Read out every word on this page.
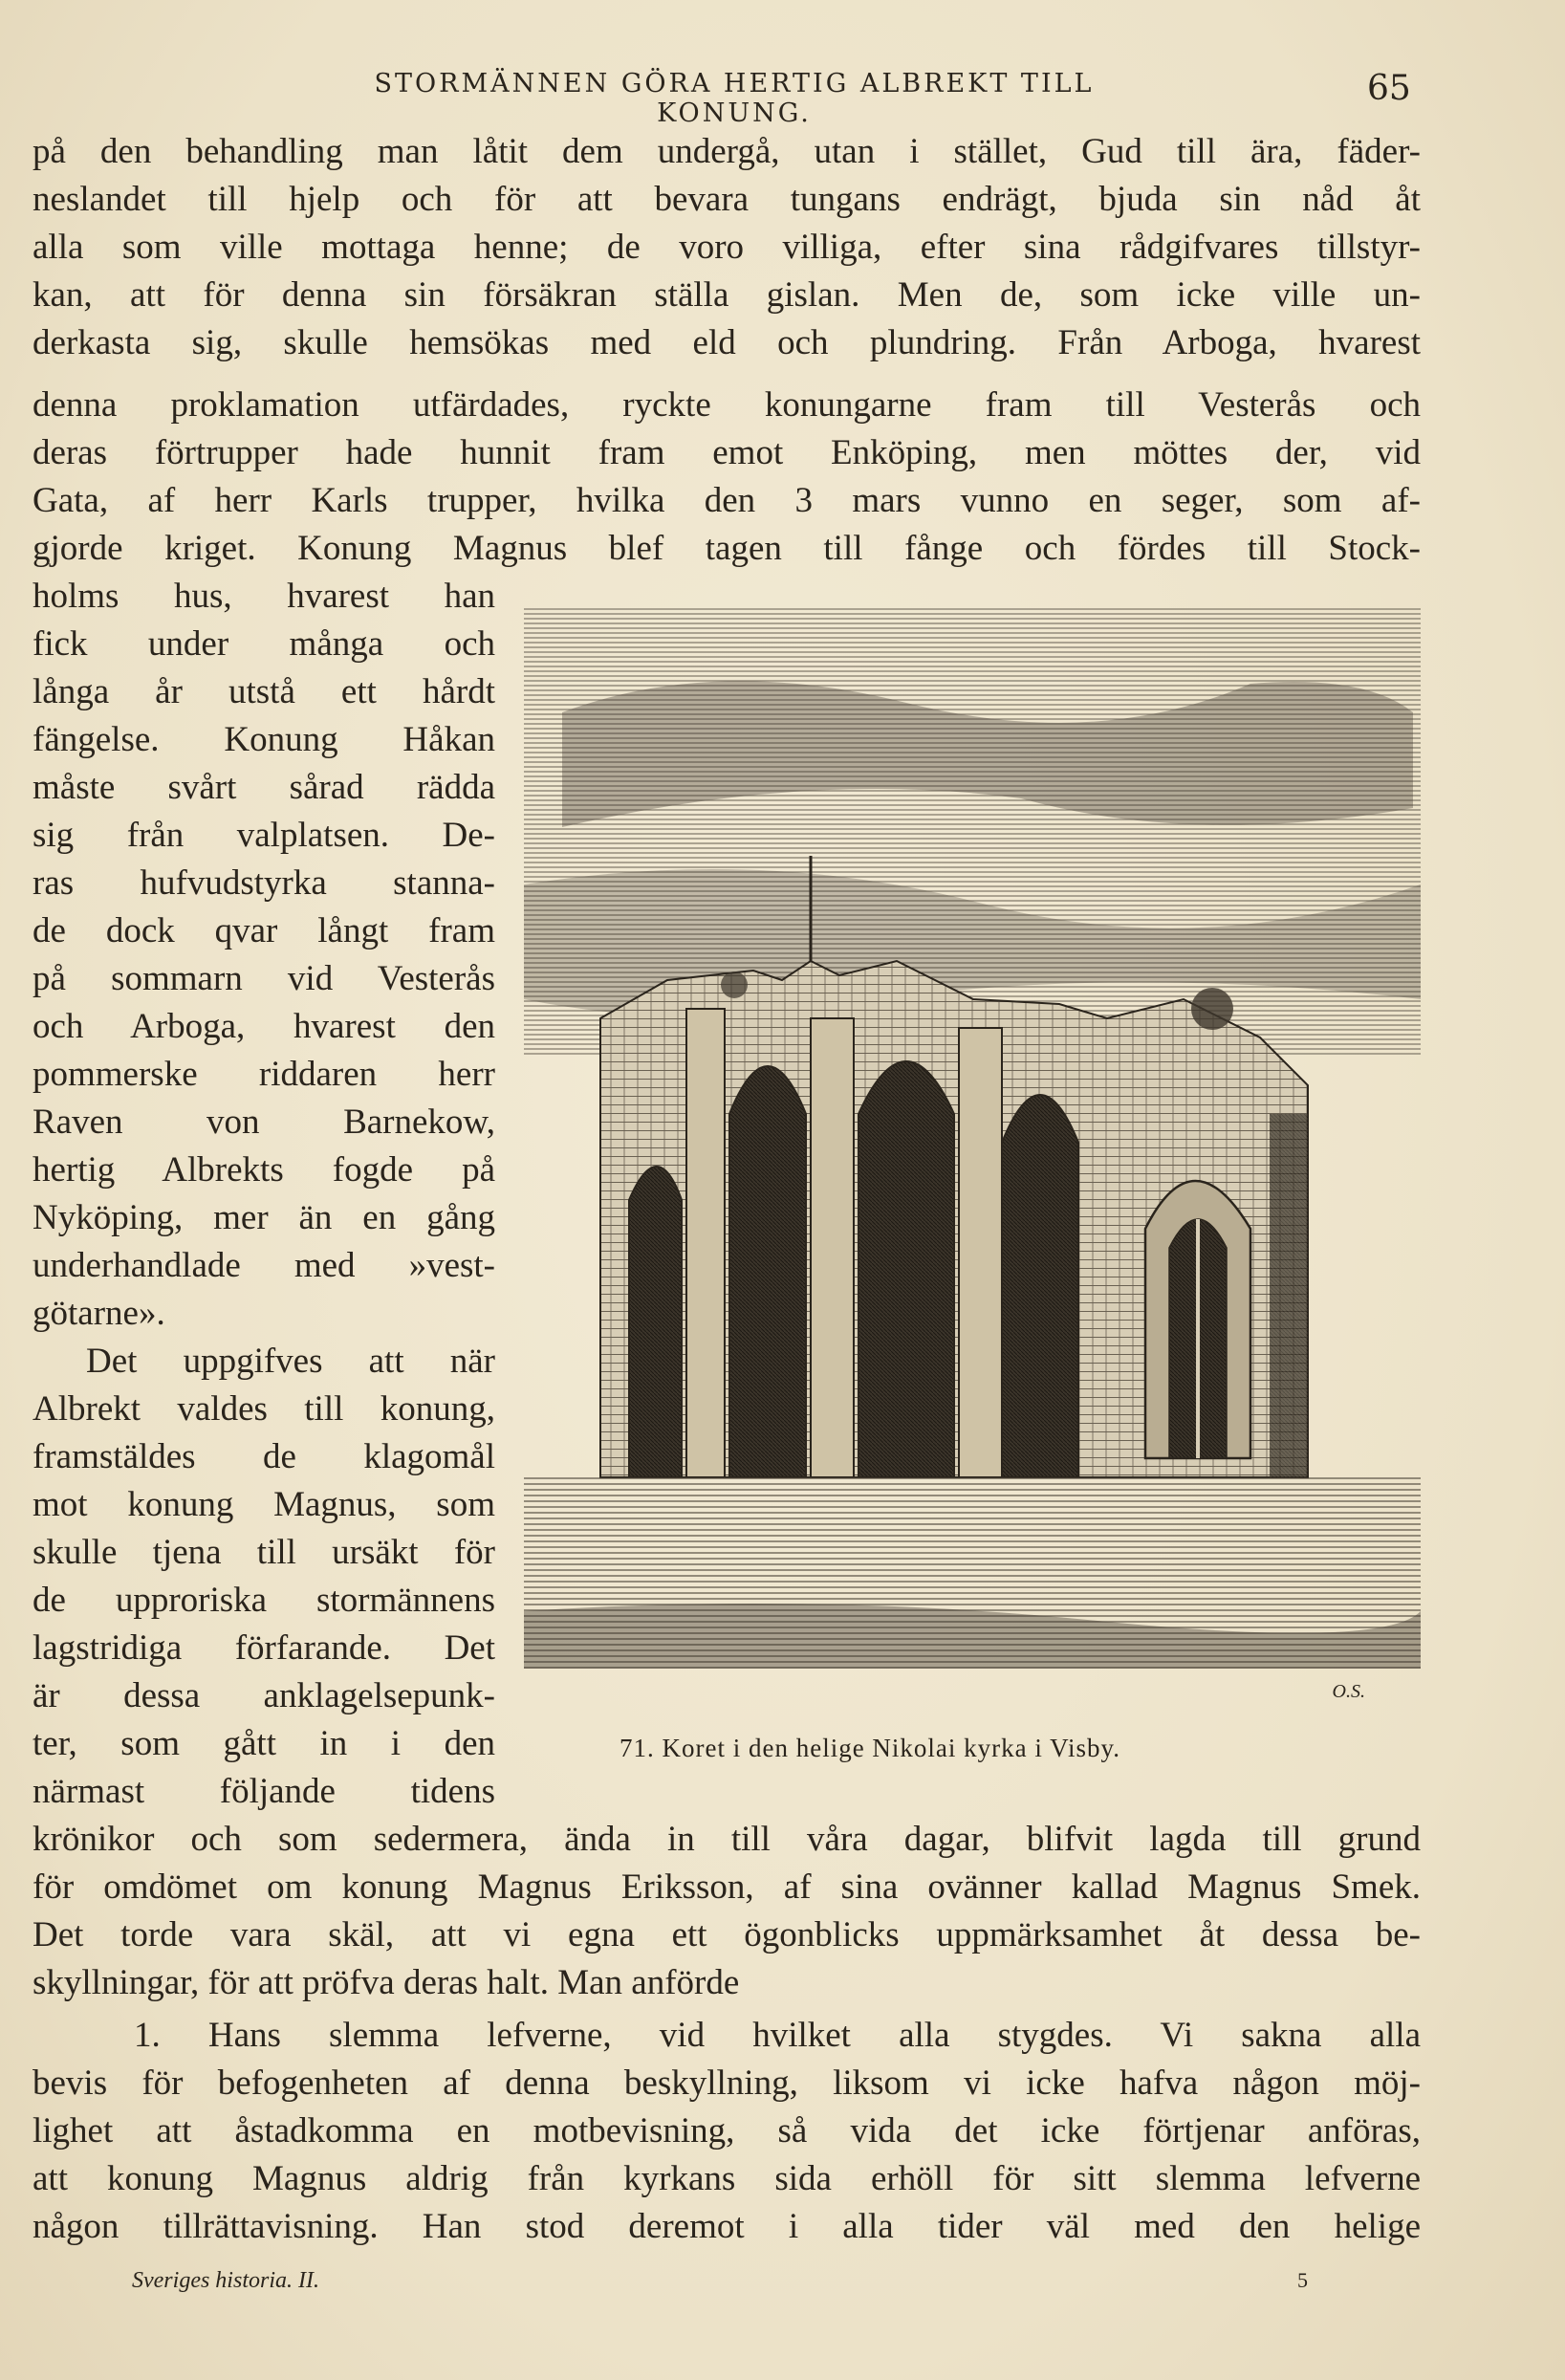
STORMÄNNEN GÖRA HERTIG ALBREKT TILL KONUNG.
65
på den behandling man låtit dem undergå, utan i stället, Gud till ära, fäder-
neslandet till hjelp och för att bevara tungans endrägt, bjuda sin nåd åt
alla som ville mottaga henne; de voro villiga, efter sina rådgifvares tillstyr-
kan, att för denna sin försäkran ställa gislan. Men de, som icke ville un-
derkasta sig, skulle hemsökas med eld och plundring. Från Arboga, hvarest
denna proklamation utfärdades, ryckte konungarne fram till Vesterås och
deras förtrupper hade hunnit fram emot Enköping, men möttes der, vid
Gata, af herr Karls trupper, hvilka den 3 mars vunno en seger, som af-
gjorde kriget. Konung Magnus blef tagen till fånge och fördes till Stock-
holms hus, hvarest han
fick under många och
långa år utstå ett hårdt
fängelse. Konung Håkan
måste svårt sårad rädda
sig från valplatsen. De-
ras hufvudstyrka stanna-
de dock qvar långt fram
på sommarn vid Vesterås
och Arboga, hvarest den
pommerske riddaren herr
Raven von Barnekow,
hertig Albrekts fogde på
Nyköping, mer än en gång
underhandlade med »vest-
götarne».
Det uppgifves att när
Albrekt valdes till konung,
framstäldes de klagomål
mot konung Magnus, som
skulle tjena till ursäkt för
de upproriska stormännens
lagstridiga förfarande. Det
är dessa anklagelsepunk-
ter, som gått in i den
närmast följande tidens
O.S.
71. Koret i den helige Nikolai kyrka i Visby.
krönikor och som sedermera, ända in till våra dagar, blifvit lagda till grund
för omdömet om konung Magnus Eriksson, af sina ovänner kallad Magnus Smek.
Det torde vara skäl, att vi egna ett ögonblicks uppmärksamhet åt dessa be-
skyllningar, för att pröfva deras halt. Man anförde
1. Hans slemma lefverne, vid hvilket alla stygdes. Vi sakna alla
bevis för befogenheten af denna beskyllning, liksom vi icke hafva någon möj-
lighet att åstadkomma en motbevisning, så vida det icke förtjenar anföras,
att konung Magnus aldrig från kyrkans sida erhöll för sitt slemma lefverne
någon tillrättavisning. Han stod deremot i alla tider väl med den helige
Sveriges historia. II.	5
